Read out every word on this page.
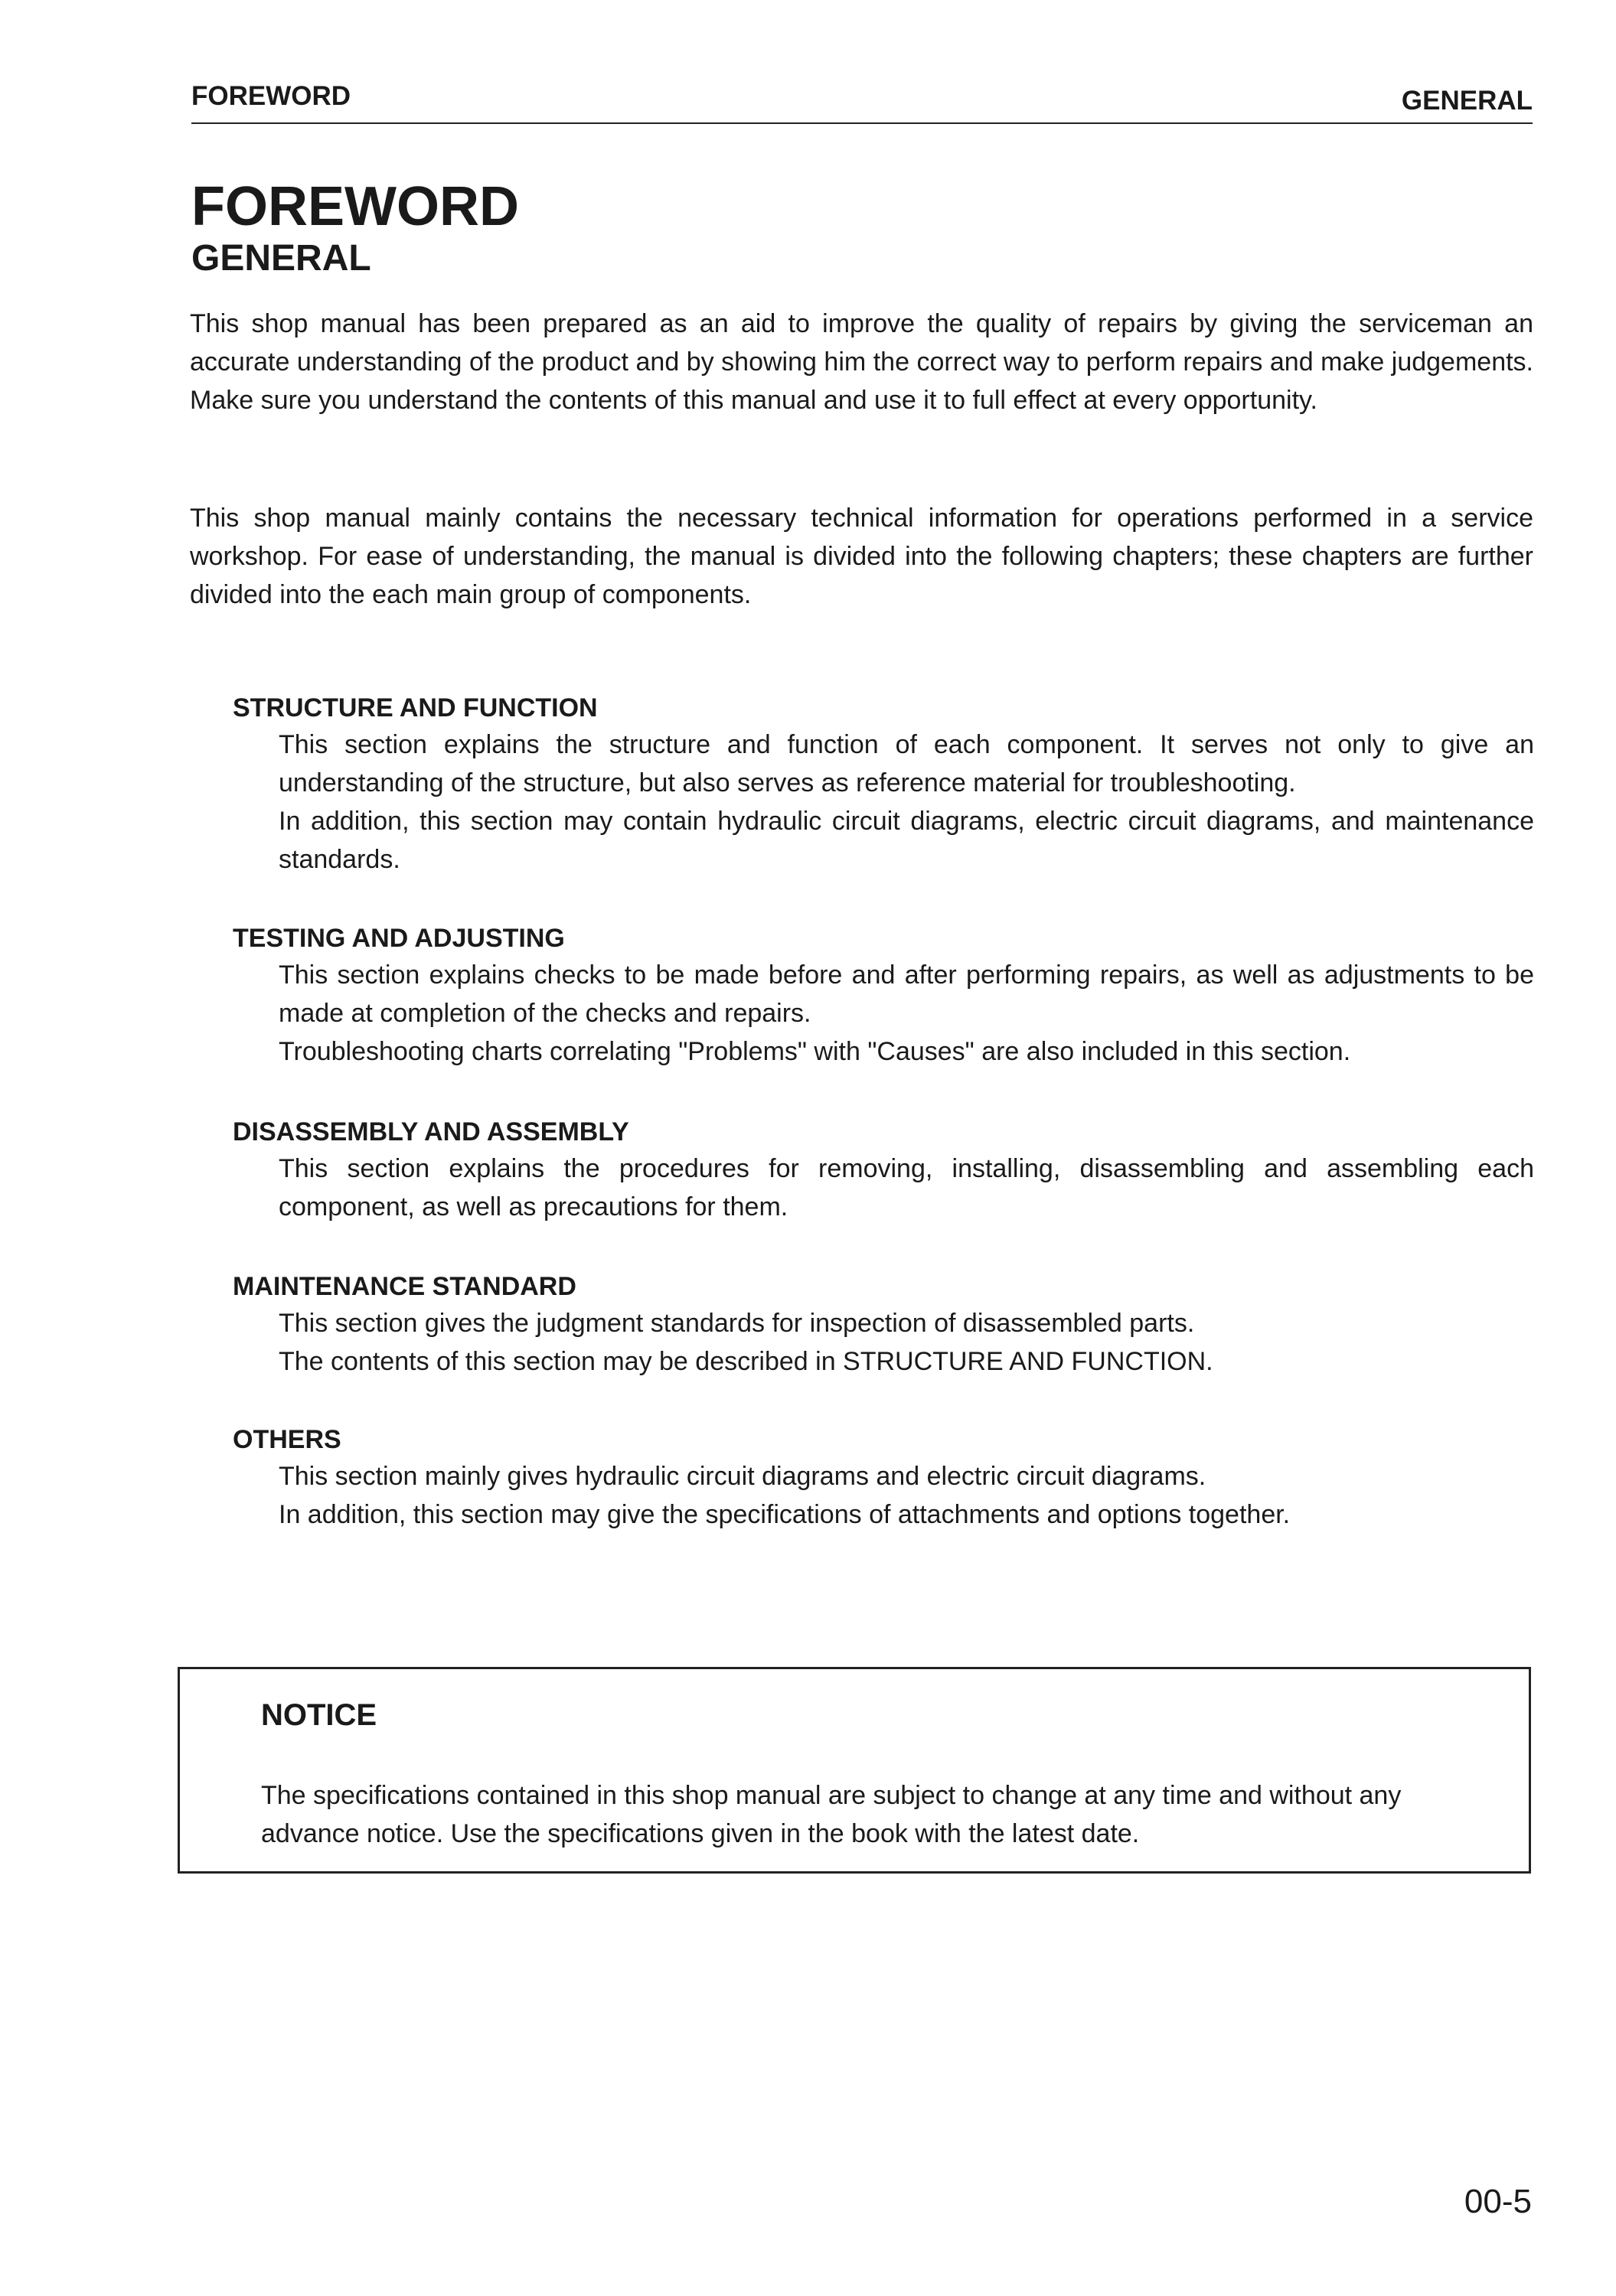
FOREWORD	GENERAL
FOREWORD
GENERAL

This shop manual has been prepared as an aid to improve the quality of repairs by giving the serviceman an accurate understanding of the product and by showing him the correct way to perform repairs and make judgements. Make sure you understand the contents of this manual and use it to full effect at every opportunity.

This shop manual mainly contains the necessary technical information for operations performed in a service workshop. For ease of understanding, the manual is divided into the following chapters; these chapters are further divided into the each main group of components.

STRUCTURE AND FUNCTION

This section explains the structure and function of each component. It serves not only to give an understanding of the structure, but also serves as reference material for troubleshooting.

In addition, this section may contain hydraulic circuit diagrams, electric circuit diagrams, and maintenance standards.

TESTING AND ADJUSTING

This section explains checks to be made before and after performing repairs, as well as adjustments to be made at completion of the checks and repairs.

Troubleshooting charts correlating "Problems" with "Causes" are also included in this section.

DISASSEMBLY AND ASSEMBLY

This section explains the procedures for removing, installing, disassembling and assembling each component, as well as precautions for them.

MAINTENANCE STANDARD

This section gives the judgment standards for inspection of disassembled parts.

The contents of this section may be described in STRUCTURE AND FUNCTION.

OTHERS

This section mainly gives hydraulic circuit diagrams and electric circuit diagrams.

In addition, this section may give the specifications of attachments and options together.

NOTICE

The specifications contained in this shop manual are subject to change at any time and without any advance notice. Use the specifications given in the book with the latest date.

00-5
